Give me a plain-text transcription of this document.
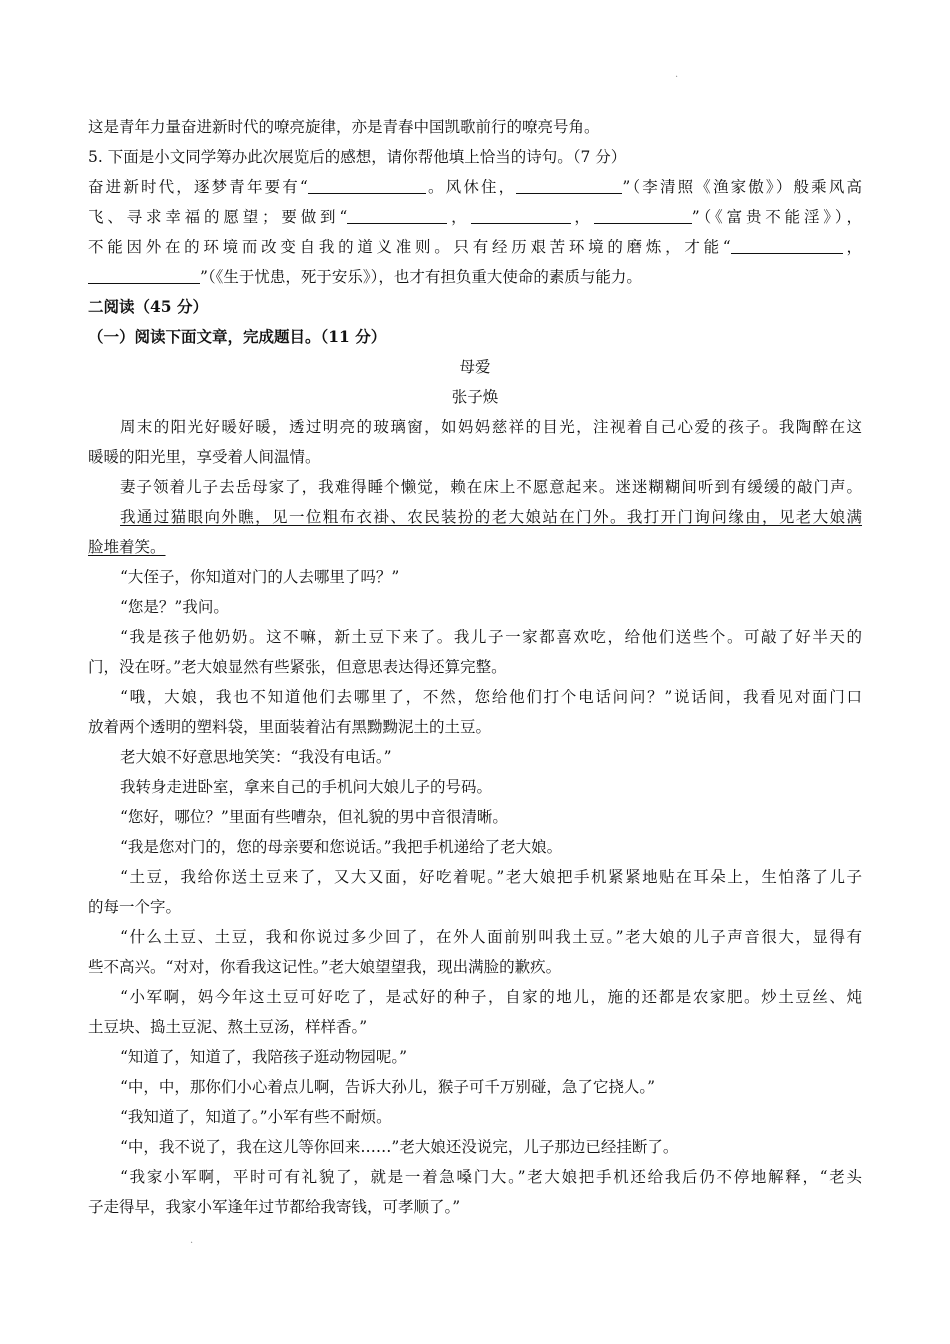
·
这是青年力量奋进新时代的嘹亮旋律，亦是青春中国凯歌前行的嘹亮号角。
5. 下面是小文同学筹办此次展览后的感想，请你帮他填上恰当的诗句。（7 分）
奋进新时代，逐梦青年要有“	。风休住，	”（李清照《渔家傲》）般乘风高
飞、寻求幸福的愿望；要做到“	，	，	”（《富贵不能淫》），
不能因外在的环境而改变自我的道义准则。只有经历艰苦环境的磨炼，才能“	，
”（《生于忧患，死于安乐》），也才有担负重大使命的素质与能力。
二阅读（45 分）
（一）阅读下面文章，完成题目。（11 分）
母爱
张子焕
周末的阳光好暖好暖，透过明亮的玻璃窗，如妈妈慈祥的目光，注视着自己心爱的孩子。我陶醉在这
暖暖的阳光里，享受着人间温情。
妻子领着儿子去岳母家了，我难得睡个懒觉，赖在床上不愿意起来。迷迷糊糊间听到有缓缓的敲门声。
我通过猫眼向外瞧，见一位粗布衣褂、农民装扮的老大娘站在门外。我打开门询问缘由，见老大娘满
脸堆着笑。
“大侄子，你知道对门的人去哪里了吗？”
“您是？”我问。
“我是孩子他奶奶。这不嘛，新土豆下来了。我儿子一家都喜欢吃，给他们送些个。可敲了好半天的
门，没在呀。”老大娘显然有些紧张，但意思表达得还算完整。
“哦，大娘，我也不知道他们去哪里了，不然，您给他们打个电话问问？”说话间，我看见对面门口
放着两个透明的塑料袋，里面装着沾有黑黝黝泥土的土豆。
老大娘不好意思地笑笑：“我没有电话。”
我转身走进卧室，拿来自己的手机问大娘儿子的号码。
“您好，哪位？”里面有些嘈杂，但礼貌的男中音很清晰。
“我是您对门的，您的母亲要和您说话。”我把手机递给了老大娘。
“土豆，我给你送土豆来了，又大又面，好吃着呢。”老大娘把手机紧紧地贴在耳朵上，生怕落了儿子
的每一个字。
“什么土豆、土豆，我和你说过多少回了，在外人面前别叫我土豆。”老大娘的儿子声音很大，显得有
些不高兴。“对对，你看我这记性。”老大娘望望我，现出满脸的歉疚。
“小军啊，妈今年这土豆可好吃了，是忒好的种子，自家的地儿，施的还都是农家肥。炒土豆丝、炖
土豆块、捣土豆泥、熬土豆汤，样样香。”
“知道了，知道了，我陪孩子逛动物园呢。”
“中，中，那你们小心着点儿啊，告诉大孙儿，猴子可千万别碰，急了它挠人。”
“我知道了，知道了。”小军有些不耐烦。
“中，我不说了，我在这儿等你回来……”老大娘还没说完，儿子那边已经挂断了。
“我家小军啊，平时可有礼貌了，就是一着急嗓门大。”老大娘把手机还给我后仍不停地解释，“老头
子走得早，我家小军逢年过节都给我寄钱，可孝顺了。”
·
